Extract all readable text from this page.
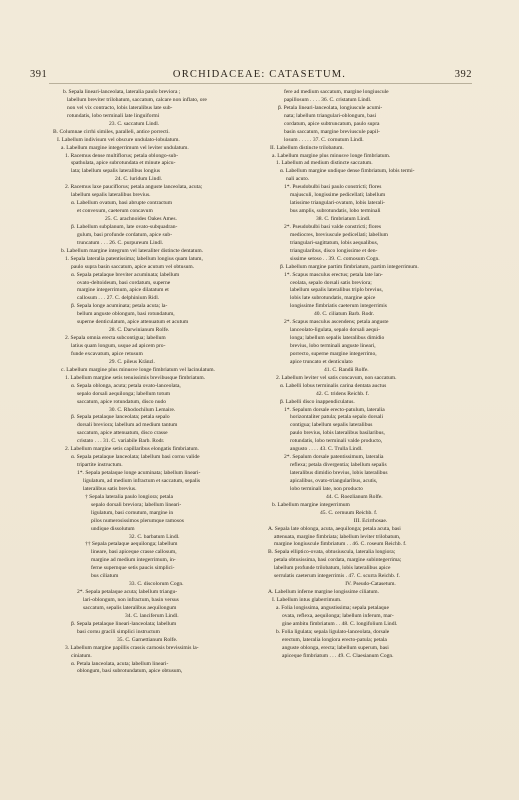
391	ORCHIDACEAE: CATASETUM.	392
b. Sepala lineari-lanceolata, lateralia paulo breviora ;
labellum breviter trilobatum, saccatum, calcare non inflato, ore
non vel vix contracto, lobis lateralibus late sub-
rotundatis, lobo terminali late linguiformi
23. C. saccatum Lindl.
B. Columnae cirrhi similes, paralleli, antice porrecti.
I. Labellum indivisum vel obscure undulato-lobulatum.
a. Labellum margine integerrimum vel leviter undulatum.
1. Racemus dense multiflorus; petala oblongo-sub-
spathulata, apice subrotundata et minute apicu-
lata; labellum sepalis lateralibus longius
24. C. luridum Lindl.
2. Racemus laxe pauciflorus; petala anguste lanceolata, acuta;
labellum sepalis lateralibus brevius.
α. Labellum ovatum, basi abrupte contractum
et convexum, caeterum concavum
25. C. arachnoides Oakes Ames.
β. Labellum subplanum, late ovato-subquadran-
gulum, basi profunde cordatum, apice sub-
truncatum . . . 26. C. purpureum Lindl.
b. Labellum margine integrum vel lateraliter distincte dentatum.
1. Sepala lateralia patentissima; labellum longius quam latum,
paulo supra basin saccatum, apice acutum vel obtusum.
α. Sepala petalaque breviter acuminata; labellum
ovato-deltoideum, basi cordatum, superne
margine integerrimum, apice dilatatum et
callosum . . . 27. C. delphinium Ridl.
β. Sepala longe acuminata; petala acuta; la-
bellum anguste oblongum, basi rotundatum,
superne denticulatum, apice attenuatum et acutum
28. C. Darwinianum Rolfe.
2. Sepala omnia erecta subcontigua; labellum
latius quam longum, usque ad apicem pro-
funde excavatum, apice retusum
29. C. pileus Kränzl.
c. Labellum margine plus minusve longe fimbriatum vel lacinulatum.
1. Labellum margine setis tenuissimis brevibusque fimbriatum.
α. Sepala oblonga, acuta; petala ovato-lanceolata,
sepalo dorsali aequilonga; labellum totum
saccatum, apice rotundatum, disco nudo
30. C. Rhodochilum Lemaire.
β. Sepala petalaque lanceolata; petala sepalo
dorsali breviora; labellum ad medium tantum
saccatum, apice attenuatum, disco crasse
cristato . . . 31. C. variabile Barb. Rodr.
2. Labellum margine setis capillaribus elongatis fimbriatum.
α. Sepala petalaque lanceolata; labellum basi cornu valide
tripartite instructum.
1*. Sepala petalaque longe acuminata; labellum lineari-
ligulatum, ad medium infractum et saccatum, sepalis
lateralibus satis brevius.
† Sepala lateralia paulo longiora; petala
sepalo dorsali breviora; labellum lineari-
ligulatum, basi cornutum, margine in
pilos numerosissimos plerumque ramosos
undique dissolutum
32. C. barbatum Lindl.
†† Sepala petalaque aequilonga; labellum
lineare, basi apiceque crasse callosum,
margine ad medium integerrimum, in-
ferne supernque setis paucis simplici-
bus ciliatum
33. C. discolorum Cogn.
2*. Sepala petalaque acuta; labellum triangu-
lari-oblongum, non infractum, basin versus
saccatum, sepalis lateralibus aequilongum
34. C. lanciferum Lindl.
β. Sepala petalaque lineari-lanceolata; labellum
basi cornu gracili simplici instructum
35. C. Garnettianum Rolfe.
3. Labellum margine papillis crassis carnosis brevissimis la-
ciniatum.
α. Petala lanceolata, acuta; labellum lineari-
oblongum, basi subrotundatum, apice obtusum,
fere ad medium saccatum, margine longiuscule
papillosum . . . . 36. C. cristatum Lindl.
β. Petala lineari-lanceolata, longiuscule acumi-
nata; labellum triangulari-oblongum, basi
cordatum, apice subtruncatum, paulo supra
basin saccatum, margine breviuscule papil-
losum . . . . . 37. C. cornutum Lindl.
II. Labellum distincte trilobatum.
a. Labellum margine plus minusve longe fimbriatum.
1. Labellum ad medium distincte saccatum.
α. Labellum margine undique dense fimbriatum, lobis termi-
nali acuto.
1*. Pseudobulbi basi paulo constricti; flores
majusculi, longissime pedicellati; labellum
latissime triangulari-ovatum, lobis laterali-
bus amplis, subrotundatis, lobo terminali
38. C. fimbriatum Lindl.
2*. Pseudobulbi basi valde constricti; flores
mediocres, breviuscule pedicellati; labellum
triangulari-sagittatum, lobis aequalibus,
triangularibus, disco longissime et den-
sissime setoso . . 39. C. comosum Cogn.
β. Labellum margine partim fimbriatum, partim integerrimum.
1*. Scapus masculus erectus; petala late lan-
ceolata, sepalo dorsali satis breviora;
labellum sepalis lateralibus triplo brevius,
lobis late subrotundatis, margine apice
longissime fimbriatis caeterum integerrimis
40. C. ciliatum Barb. Rodr.
2*. Scapus masculus ascendens; petala anguste
lanceolato-ligulata, sepalo dorsali aequi-
longa; labellum sepalis lateralibus dimidio
brevius, lobo terminali anguste lineari,
porrecto, superne margine integerrimo,
apice truncato et denticulato
41. C. Randii Rolfe.
2. Labellum leviter vel satis concavum, non saccatum.
α. Labelli lobus terminalis carina dentata auctus
42. C. tridens Reichb. f.
β. Labelli disco inappendiculatus.
1*. Sepalum dorsale erecto-patulum, lateralia
horizontaliter patula; petala sepalo dorsali
contigua; labellum sepalis lateralibus
paulo brevius, lobis lateralibus basilaribus,
rotundatis, lobo terminali valde producto,
angusto . . . . 43. C. Trulla Lindl.
2*. Sepalum dorsale patentissimum, lateralia
reflexa; petala divergentia; labellum sepalis
lateralibus dimidio brevius, lobis lateralibus
apicalibus, ovato-triangularibus, acutis,
lobo terminali late, non producto
44. C. Roezlianum Rolfe.
b. Labellum margine integerrimum
45. C. cernuum Reichb. f.
III. Ecirrhosae.
A. Sepala late oblonga, acuta, aequilonga; petala acuta, basi
attenuata, margine fimbriata; labellum leviter trilobatum,
margine longiuscule fimbriatum . . 46. C. roseum Reichb. f.
B. Sepala elliptico-ovata, obtusiuscula, lateralia longiora;
petala obtusissima, basi cordata, margine subintegerrima;
labellum profunde trilobatum, lobis lateralibus apice
serrulatis caeterum integerrimis . 47. C. scurra Reichb. f.
IV. Pseudo-Catasetum.
A. Labellum inferne margine longissime ciliatum.
I. Labellum intus glaberrimum.
a. Folia longissima, angustissima; sepala petalaque
ovata, reflexa, aequilonga; labellum inferum, mar-
gine ambitu fimbriatum . . 48. C. longifolium Lindl.
b. Folia ligulata; sepala ligulato-lanceolata, dorsale
erectum, lateralia longiora erecto-patula; petala
anguste oblonga, erecta; labellum superum, basi
apiceque fimbriatum . . . 49. C. Claesianum Cogn.
